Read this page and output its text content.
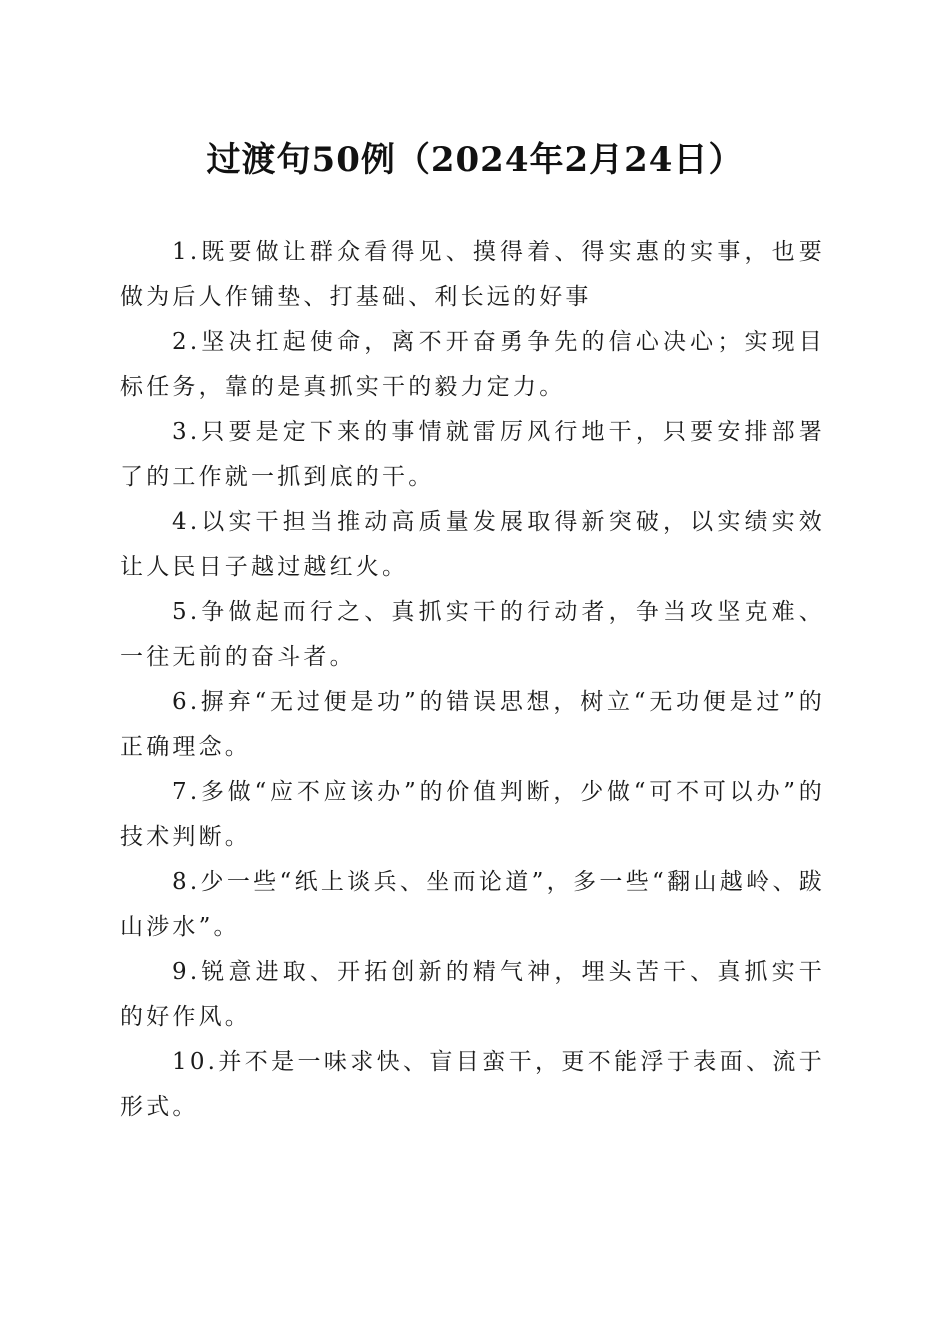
过渡句50例（2024年2月24日）

1.既要做让群众看得见、摸得着、得实惠的实事，也要做为后人作铺垫、打基础、利长远的好事

2.坚决扛起使命，离不开奋勇争先的信心决心；实现目标任务，靠的是真抓实干的毅力定力。

3.只要是定下来的事情就雷厉风行地干，只要安排部署了的工作就一抓到底的干。

4.以实干担当推动高质量发展取得新突破，以实绩实效让人民日子越过越红火。

5.争做起而行之、真抓实干的行动者，争当攻坚克难、一往无前的奋斗者。

6.摒弃“无过便是功”的错误思想，树立“无功便是过”的正确理念。

7.多做“应不应该办”的价值判断，少做“可不可以办”的技术判断。

8.少一些“纸上谈兵、坐而论道”，多一些“翻山越岭、跋山涉水”。

9.锐意进取、开拓创新的精气神，埋头苦干、真抓实干的好作风。

10.并不是一味求快、盲目蛮干，更不能浮于表面、流于形式。
